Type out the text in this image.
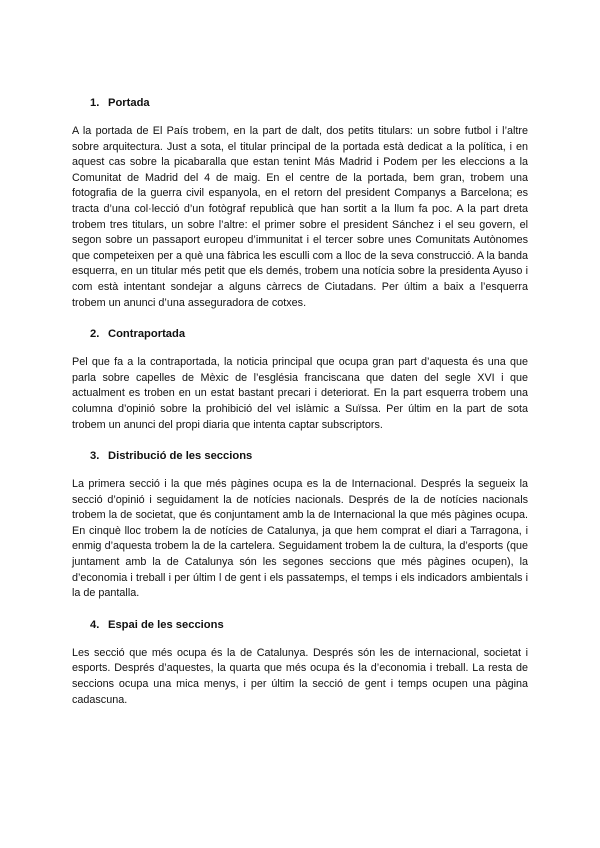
1. Portada

A la portada de El País trobem, en la part de dalt, dos petits titulars: un sobre futbol i l’altre sobre arquitectura. Just a sota, el titular principal de la portada està dedicat a la política, i en aquest cas sobre la picabaralla que estan tenint Más Madrid i Podem per les eleccions a la Comunitat de Madrid del 4 de maig. En el centre de la portada, bem gran, trobem una fotografia de la guerra civil espanyola, en el retorn del president Companys a Barcelona; es tracta d’una col·lecció d’un fotògraf republicà que han sortit a la llum fa poc. A la part dreta trobem tres titulars, un sobre l’altre: el primer sobre el president Sánchez i el seu govern, el segon sobre un passaport europeu d’immunitat i el tercer sobre unes Comunitats Autònomes que competeixen per a què una fàbrica les esculli com a lloc de la seva construcció. A la banda esquerra, en un titular més petit que els demés, trobem una notícia sobre la presidenta Ayuso i com està intentant sondejar a alguns càrrecs de Ciutadans. Per últim a baix a l’esquerra trobem un anunci d’una asseguradora de cotxes.

2. Contraportada

Pel que fa a la contraportada, la noticia principal que ocupa gran part d’aquesta és una que parla sobre capelles de Mèxic de l’església franciscana que daten del segle XVI i que actualment es troben en un estat bastant precari i deteriorat. En la part esquerra trobem una columna d’opinió sobre la prohibició del vel islàmic a Suïssa. Per últim en la part de sota trobem un anunci del propi diaria que intenta captar subscriptors.

3. Distribució de les seccions

La primera secció i la que més pàgines ocupa es la de Internacional. Després la segueix la secció d’opinió i seguidament la de notícies nacionals. Després de la de notícies nacionals trobem la de societat, que és conjuntament amb la de Internacional la que més pàgines ocupa. En cinquè lloc trobem la de notícies de Catalunya, ja que hem comprat el diari a Tarragona, i enmig d’aquesta trobem la de la cartelera. Seguidament trobem la de cultura, la d’esports (que juntament amb la de Catalunya són les segones seccions que més pàgines ocupen), la d’economia i treball i per últim l de gent i els passatemps, el temps i els indicadors ambientals i la de pantalla.

4. Espai de les seccions

Les secció que més ocupa és la de Catalunya. Després són les de internacional, societat i esports. Després d’aquestes, la quarta que més ocupa és la d’economia i treball. La resta de seccions ocupa una mica menys, i per últim la secció de gent i temps ocupen una pàgina cadascuna.
